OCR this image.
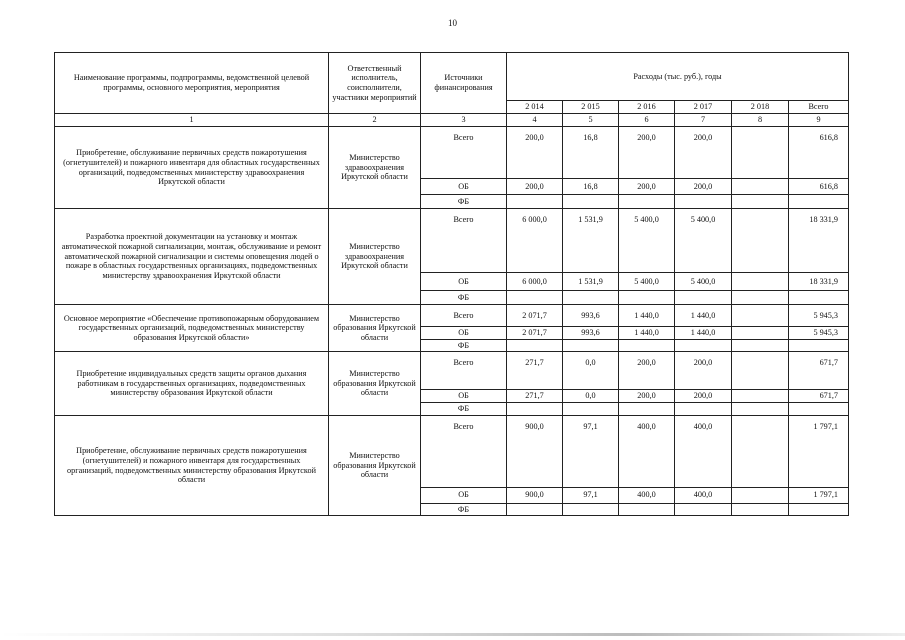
10
Наименование программы, подпрограммы, ведомственной целевой программы, основного мероприятия, мероприятия	Ответственный исполнитель, соисполнители, участники мероприятий	Источники финансирования	Расходы (тыс. руб.), годы					
			2 014	2 015	2 016	2 017	2 018	Всего
1	2	3	4	5	6	7	8	9
Приобретение, обслуживание первичных средств пожаротушения (огнетушителей) и пожарного инвентаря для областных государственных организаций, подведомственных министерству здравоохранения Иркутской области	Министерство здравоохранения Иркутской области	Всего	200,0	16,8	200,0	200,0		616,8
		ОБ	200,0	16,8	200,0	200,0		616,8
		ФБ						
Разработка проектной документации на установку и монтаж автоматической пожарной сигнализации, монтаж, обслуживание и ремонт автоматической пожарной сигнализации и системы оповещения людей о пожаре в областных государственных организациях, подведомственных министерству здравоохранения Иркутской области	Министерство здравоохранения Иркутской области	Всего	6 000,0	1 531,9	5 400,0	5 400,0		18 331,9
		ОБ	6 000,0	1 531,9	5 400,0	5 400,0		18 331,9
		ФБ						
Основное мероприятие «Обеспечение противопожарным оборудованием государственных организаций, подведомственных министерству образования Иркутской области»	Министерство образования Иркутской области	Всего	2 071,7	993,6	1 440,0	1 440,0		5 945,3
		ОБ	2 071,7	993,6	1 440,0	1 440,0		5 945,3
		ФБ						
Приобретение индивидуальных средств защиты органов дыхания работникам в государственных организациях, подведомственных министерству образования Иркутской области	Министерство образования Иркутской области	Всего	271,7	0,0	200,0	200,0		671,7
		ОБ	271,7	0,0	200,0	200,0		671,7
		ФБ						
Приобретение, обслуживание первичных средств пожаротушения (огнетушителей) и пожарного инвентаря для государственных организаций, подведомственных министерству образования Иркутской области	Министерство образования Иркутской области	Всего	900,0	97,1	400,0	400,0		1 797,1
		ОБ	900,0	97,1	400,0	400,0		1 797,1
		ФБ						
